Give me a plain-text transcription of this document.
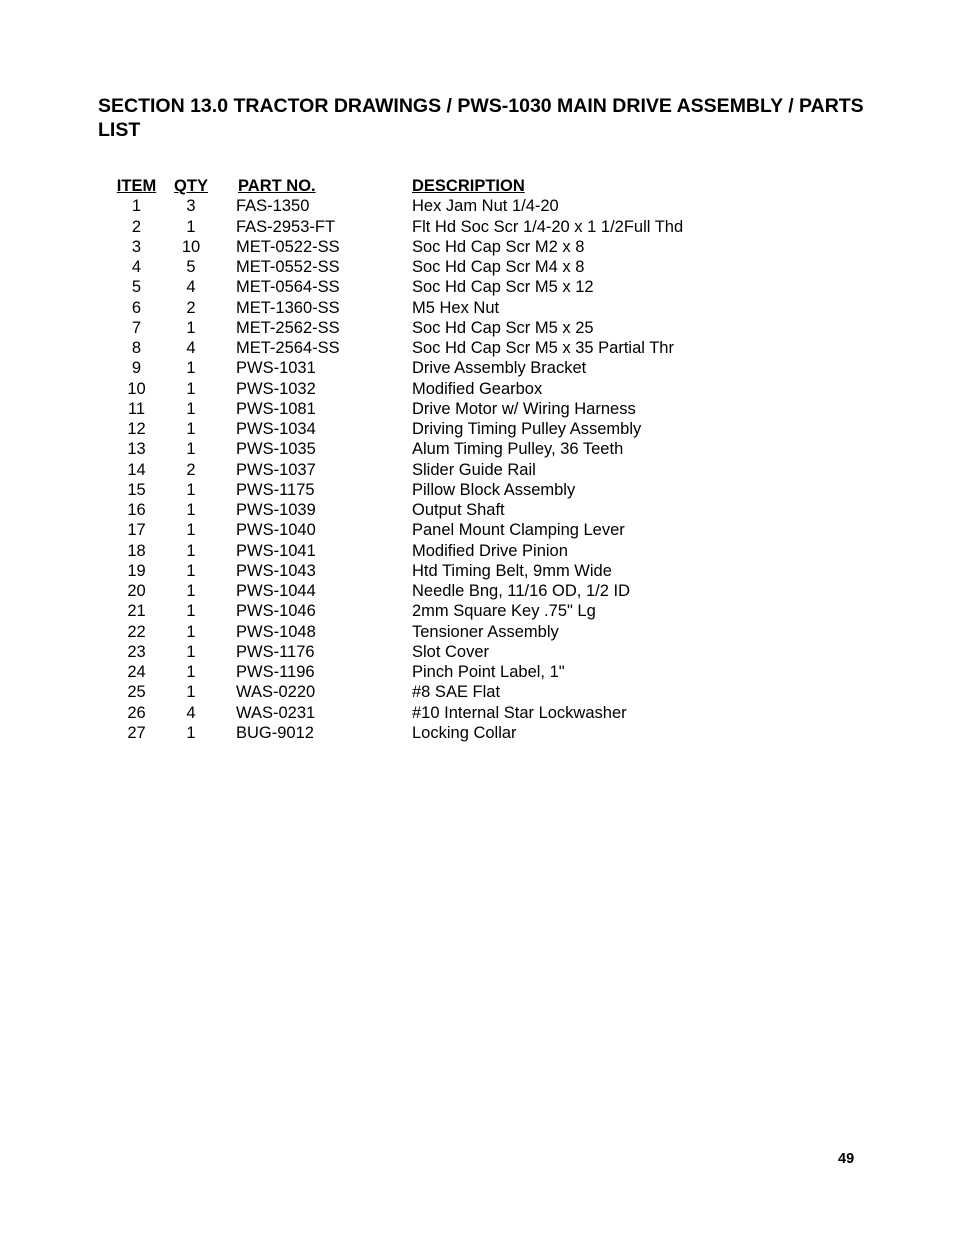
SECTION 13.0 TRACTOR DRAWINGS / PWS-1030 MAIN DRIVE ASSEMBLY / PARTS LIST
ITEM	QTY	PART NO.	DESCRIPTION
1	3	FAS-1350	Hex Jam Nut 1/4-20
2	1	FAS-2953-FT	Flt Hd Soc Scr 1/4-20 x 1 1/2Full Thd
3	10	MET-0522-SS	Soc Hd Cap Scr M2 x 8
4	5	MET-0552-SS	Soc Hd Cap Scr M4 x 8
5	4	MET-0564-SS	Soc Hd Cap Scr M5 x 12
6	2	MET-1360-SS	M5 Hex Nut
7	1	MET-2562-SS	Soc Hd Cap Scr M5 x 25
8	4	MET-2564-SS	Soc Hd Cap Scr M5 x 35 Partial Thr
9	1	PWS-1031	Drive Assembly Bracket
10	1	PWS-1032	Modified Gearbox
11	1	PWS-1081	Drive Motor w/ Wiring Harness
12	1	PWS-1034	Driving Timing Pulley Assembly
13	1	PWS-1035	Alum Timing Pulley, 36 Teeth
14	2	PWS-1037	Slider Guide Rail
15	1	PWS-1175	Pillow Block Assembly
16	1	PWS-1039	Output Shaft
17	1	PWS-1040	Panel Mount Clamping Lever
18	1	PWS-1041	Modified Drive Pinion
19	1	PWS-1043	Htd Timing Belt, 9mm Wide
20	1	PWS-1044	Needle Bng, 11/16 OD, 1/2 ID
21	1	PWS-1046	2mm Square Key .75" Lg
22	1	PWS-1048	Tensioner Assembly
23	1	PWS-1176	Slot Cover
24	1	PWS-1196	Pinch Point Label, 1"
25	1	WAS-0220	#8 SAE Flat
26	4	WAS-0231	#10 Internal Star Lockwasher
27	1	BUG-9012	Locking Collar
49
